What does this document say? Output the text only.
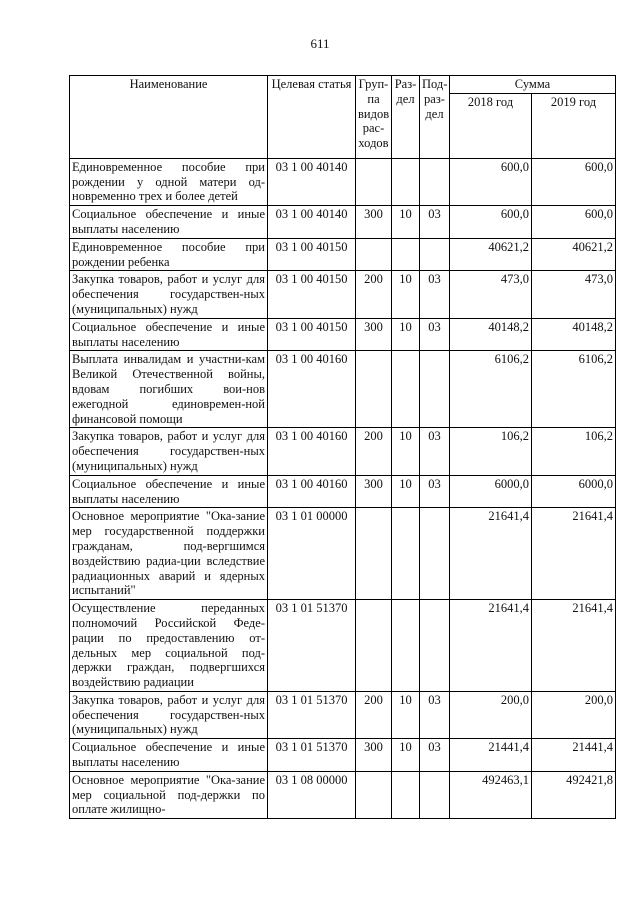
611
Наименование	Целевая статья	Груп-па видов рас-ходов	Раз-дел	Под-раз-дел	Сумма	
					2018 год	2019 год
Единовременное пособие при рождении у одной матери од-новременно трех и более детей	03 1 00 40140				600,0	600,0
Социальное обеспечение и иные выплаты населению	03 1 00 40140	300	10	03	600,0	600,0
Единовременное пособие при рождении ребенка	03 1 00 40150				40621,2	40621,2
Закупка товаров, работ и услуг для обеспечения государствен-ных (муниципальных) нужд	03 1 00 40150	200	10	03	473,0	473,0
Социальное обеспечение и иные выплаты населению	03 1 00 40150	300	10	03	40148,2	40148,2
Выплата инвалидам и участни-кам Великой Отечественной войны, вдовам погибших вои-нов ежегодной единовремен-ной финансовой помощи	03 1 00 40160				6106,2	6106,2
Закупка товаров, работ и услуг для обеспечения государствен-ных (муниципальных) нужд	03 1 00 40160	200	10	03	106,2	106,2
Социальное обеспечение и иные выплаты населению	03 1 00 40160	300	10	03	6000,0	6000,0
Основное мероприятие "Ока-зание мер государственной поддержки гражданам, под-вергшимся воздействию радиа-ции вследствие радиационных аварий и ядерных испытаний"	03 1 01 00000				21641,4	21641,4
Осуществление переданных полномочий Российской Феде-рации по предоставлению от-дельных мер социальной под-держки граждан, подвергшихся воздействию радиации	03 1 01 51370				21641,4	21641,4
Закупка товаров, работ и услуг для обеспечения государствен-ных (муниципальных) нужд	03 1 01 51370	200	10	03	200,0	200,0
Социальное обеспечение и иные выплаты населению	03 1 01 51370	300	10	03	21441,4	21441,4
Основное мероприятие "Ока-зание мер социальной под-держки по оплате жилищно-	03 1 08 00000				492463,1	492421,8
